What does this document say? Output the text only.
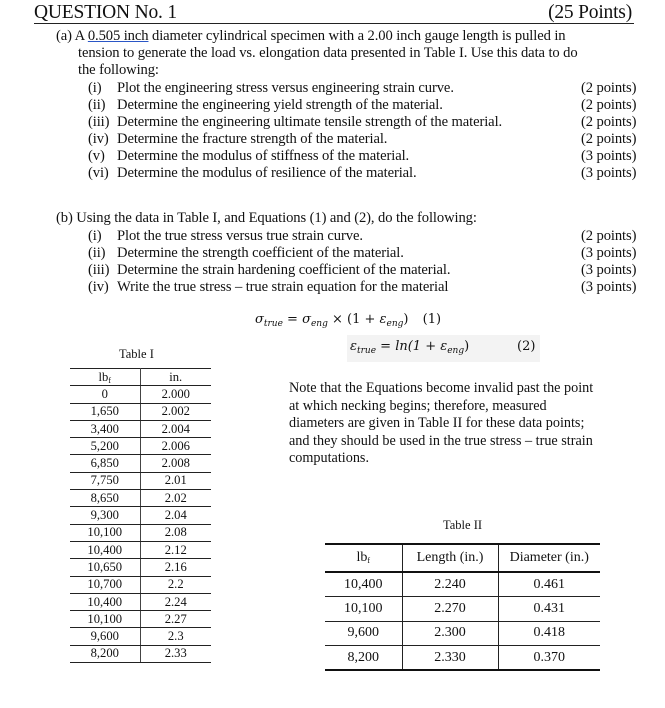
QUESTION No. 1	(25 Points)
(a) A 0.505 inch diameter cylindrical specimen with a 2.00 inch gauge length is pulled in
tension to generate the load vs. elongation data presented in Table I. Use this data to do
the following:
(i) Plot the engineering stress versus engineering strain curve.	(2 points)
(ii) Determine the engineering yield strength of the material.	(2 points)
(iii) Determine the engineering ultimate tensile strength of the material.	(2 points)
(iv) Determine the fracture strength of the material.	(2 points)
(v) Determine the modulus of stiffness of the material.	(3 points)
(vi) Determine the modulus of resilience of the material.	(3 points)
(b) Using the data in Table I, and Equations (1) and (2), do the following:
(i) Plot the true stress versus true strain curve.	(2 points)
(ii) Determine the strength coefficient of the material.	(3 points)
(iii) Determine the strain hardening coefficient of the material.	(3 points)
(iv) Write the true stress – true strain equation for the material	(3 points)
$\sigma_{true} = \sigma_{eng} \times (1 + \varepsilon_{eng})$ (1)
$\varepsilon_{true} = \ln(1 + \varepsilon_{eng})$	(2)
Table I
$lb_f$	in.
0	2.000
1,650	2.002
3,400	2.004
5,200	2.006
6,850	2.008
7,750	2.01
8,650	2.02
9,300	2.04
10,100	2.08
10,400	2.12
10,650	2.16
10,700	2.2
10,400	2.24
10,100	2.27
9,600	2.3
8,200	2.33
Note that the Equations become invalid past the point
at which necking begins; therefore, measured
diameters are given in Table II for these data points;
and they should be used in the true stress – true strain
computations.
Table II
$lb_f$	Length (in.)	Diameter (in.)
10,400	2.240	0.461
10,100	2.270	0.431
9,600	2.300	0.418
8,200	2.330	0.370
